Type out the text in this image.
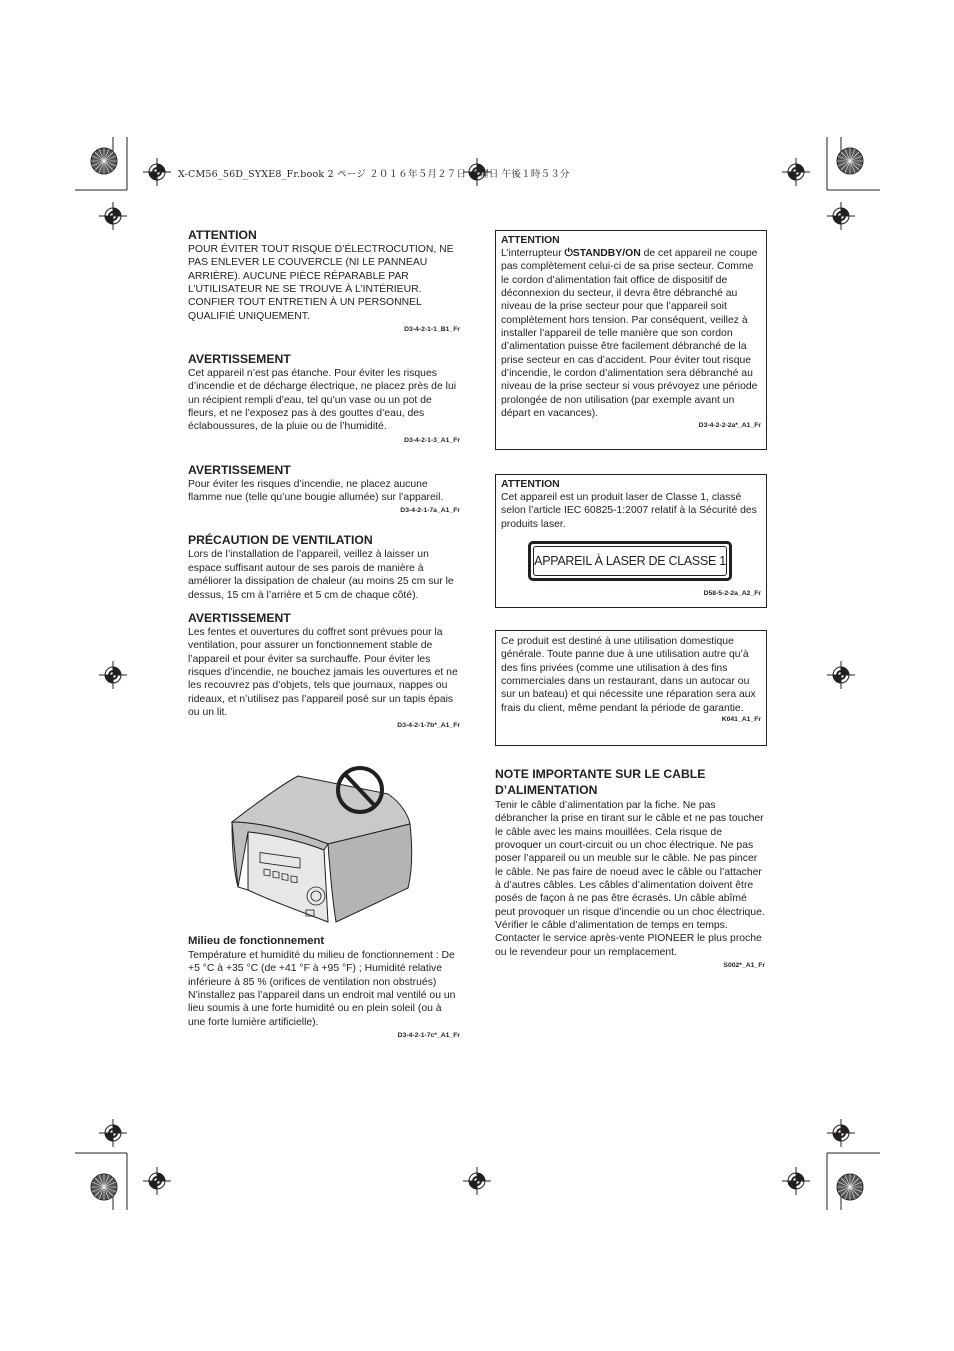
X-CM56_56D_SYXE8_Fr.book 2 ページ ２０１６年５月２７日 金曜日 午後１時５３分
ATTENTION

POUR ÉVITER TOUT RISQUE D’ÉLECTROCUTION, NE PAS ENLEVER LE COUVERCLE (NI LE PANNEAU ARRIÈRE). AUCUNE PIÈCE RÉPARABLE PAR L’UTILISATEUR NE SE TROUVE À L’INTÉRIEUR. CONFIER TOUT ENTRETIEN À UN PERSONNEL QUALIFIÉ UNIQUEMENT.

D3-4-2-1-1_B1_Fr
AVERTISSEMENT

Cet appareil n’est pas étanche. Pour éviter les risques d’incendie et de décharge électrique, ne placez près de lui un récipient rempli d’eau, tel qu’un vase ou un pot de fleurs, et ne l’exposez pas à des gouttes d’eau, des éclaboussures, de la pluie ou de l’humidité.

D3-4-2-1-3_A1_Fr
AVERTISSEMENT

Pour éviter les risques d’incendie, ne placez aucune flamme nue (telle qu’une bougie allumée) sur l’appareil.

D3-4-2-1-7a_A1_Fr
PRÉCAUTION DE VENTILATION

Lors de l’installation de l’appareil, veillez à laisser un espace suffisant autour de ses parois de manière à améliorer la dissipation de chaleur (au moins 25 cm sur le dessus, 15 cm à l’arrière et 5 cm de chaque côté).

AVERTISSEMENT

Les fentes et ouvertures du coffret sont prévues pour la ventilation, pour assurer un fonctionnement stable de l’appareil et pour éviter sa surchauffe. Pour éviter les risques d’incendie, ne bouchez jamais les ouvertures et ne les recouvrez pas d’objets, tels que journaux, nappes ou rideaux, et n’utilisez pas l’appareil posé sur un tapis épais ou un lit.

D3-4-2-1-7b*_A1_Fr
Milieu de fonctionnement

Température et humidité du milieu de fonctionnement : De +5 °C à +35 °C (de +41 °F à +95 °F) ; Humidité relative inférieure à 85 % (orifices de ventilation non obstrués)

N’installez pas l’appareil dans un endroit mal ventilé ou un lieu soumis à une forte humidité ou en plein soleil (ou à une forte lumière artificielle).

D3-4-2-1-7c*_A1_Fr
ATTENTION

L’interrupteur ⏻STANDBY/ON de cet appareil ne coupe pas complètement celui-ci de sa prise secteur. Comme le cordon d’alimentation fait office de dispositif de déconnexion du secteur, il devra être débranché au niveau de la prise secteur pour que l’appareil soit complètement hors tension. Par conséquent, veillez à installer l’appareil de telle manière que son cordon d’alimentation puisse être facilement débranché de la prise secteur en cas d’accident. Pour éviter tout risque d’incendie, le cordon d’alimentation sera débranché au niveau de la prise secteur si vous prévoyez une période prolongée de non utilisation (par exemple avant un départ en vacances).

D3-4-2-2-2a*_A1_Fr
ATTENTION

Cet appareil est un produit laser de Classe 1, classé selon l’article IEC 60825-1:2007 relatif à la Sécurité des produits laser.

APPAREIL À LASER DE CLASSE 1
D58-5-2-2a_A2_Fr

Ce produit est destiné à une utilisation domestique générale. Toute panne due à une utilisation autre qu’à des fins privées (comme une utilisation à des fins commerciales dans un restaurant, dans un autocar ou sur un bateau) et qui nécessite une réparation sera aux frais du client, même pendant la période de garantie.

K041_A1_Fr
NOTE IMPORTANTE SUR LE CABLE D’ALIMENTATION

Tenir le câble d’alimentation par la fiche. Ne pas débrancher la prise en tirant sur le câble et ne pas toucher le câble avec les mains mouillées. Cela risque de provoquer un court-circuit ou un choc électrique. Ne pas poser l’appareil ou un meuble sur le câble. Ne pas pincer le câble. Ne pas faire de noeud avec le câble ou l’attacher à d’autres câbles. Les câbles d’alimentation doivent être posés de façon à ne pas être écrasés. Un câble abîmé peut provoquer un risque d’incendie ou un choc électrique. Vérifier le câble d’alimentation de temps en temps. Contacter le service après-vente PIONEER le plus proche ou le revendeur pour un remplacement.

S002*_A1_Fr
